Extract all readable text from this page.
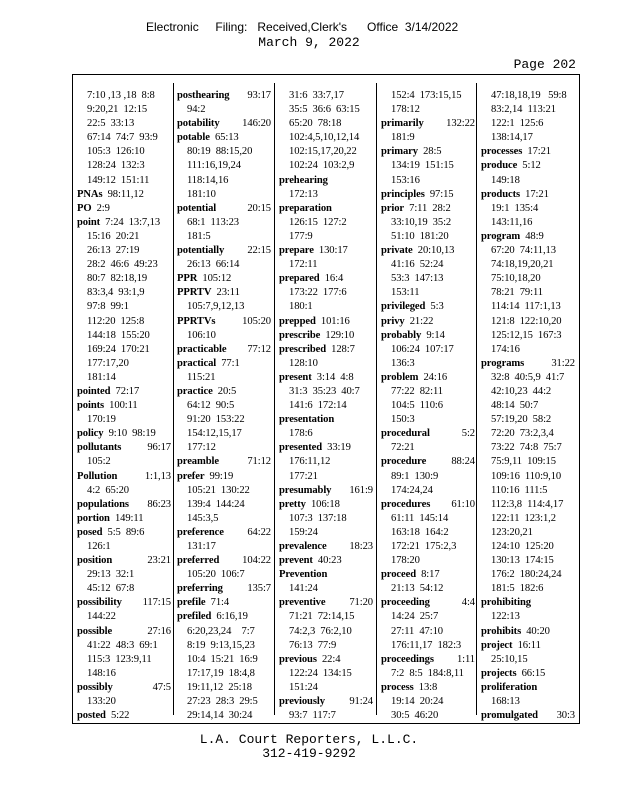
Electronic     Filing:   Received,Clerk's      Office  3/14/2022
March 9, 2022
Page 202
7:10 ,13 ,18  8:8
9:20,21  12:15
22:5  33:13
67:14  74:7  93:9
105:3  126:10
128:24  132:3
149:12  151:11
PNAs  98:11,12
PO  2:9
point  7:24  13:7,13
15:16  20:21
26:13  27:19
28:2  46:6  49:23
80:7  82:18,19
83:3,4  93:1,9
97:8  99:1
112:20  125:8
144:18  155:20
169:24  170:21
177:17,20
181:14
pointed  72:17
points  100:11
170:19
policy  9:10  98:19
pollutants 96:17
105:2
Pollution	1:1,13
4:2  65:20
populations 86:23
portion  149:11
posed  5:5  89:6
126:1
position	23:21
29:13  32:1
45:12  67:8
possibility 117:15
144:22
possible	27:16
41:22  48:3  69:1
115:3  123:9,11
148:16
possibly	47:5
133:20
posted  5:22
posthearing 93:17
94:2
potability 146:20
potable  65:13
80:19  88:15,20
111:16,19,24
118:14,16
181:10
potential	20:15
68:1  113:23
181:5
potentially 22:15
26:13  66:14
PPR  105:12
PPRTV  23:11
105:7,9,12,13
PPRTVs	105:20
106:10
practicable 77:12
practical  77:1
115:21
practice  20:5
64:12  90:5
91:20  153:22
154:12,15,17
177:12
preamble	71:12
prefer  99:19
105:21  130:22
139:4  144:24
145:3,5
preference 64:22
131:17
preferred 104:22
105:20  106:7
preferring 135:7
prefile  71:4
prefiled  6:16,19
6:20,23,24    7:7
8:19  9:13,15,23
10:4  15:21  16:9
17:17,19  18:4,8
19:11,12  25:18
27:23  28:3  29:5
29:14,14  30:24
31:6  33:7,17
35:5  36:6  63:15
65:20  78:18
102:4,5,10,12,14
102:15,17,20,22
102:24  103:2,9
prehearing
172:13
preparation
126:15  127:2
177:9
prepare  130:17
172:11
prepared  16:4
173:22  177:6
180:1
prepped  101:16
prescribe  129:10
prescribed  128:7
128:10
present  3:14  4:8
31:3  35:23  40:7
141:6  172:14
presentation
178:6
presented  33:19
176:11,12
177:21
presumably 161:9
pretty  106:18
107:3  137:18
159:24
prevalence 18:23
prevent  40:23
Prevention
141:24
preventive 71:20
71:21  72:14,15
74:2,3  76:2,10
76:13  77:9
previous  22:4
122:24  134:15
151:24
previously 91:24
93:7  117:7
152:4  173:15,15
178:12
primarily 132:22
181:9
primary  28:5
134:19  151:15
153:16
principles  97:15
prior  7:11  28:2
33:10,19  35:2
51:10  181:20
private  20:10,13
41:16  52:24
53:3  147:13
153:11
privileged  5:3
privy  21:22
probably  9:14
106:24  107:17
136:3
problem  24:16
77:22  82:11
104:5  110:6
150:3
procedural	5:2
72:21
procedure 88:24
89:1  130:9
174:24,24
procedures 61:10
61:11  145:14
163:18  164:2
172:21  175:2,3
178:20
proceed  8:17
21:13  54:12
proceeding	4:4
14:24  25:7
27:11  47:10
176:11,17  182:3
proceedings 1:11
7:2  8:5  184:8,11
process  13:8
19:14  20:24
30:5  46:20
47:18,18,19   59:8
83:2,14  113:21
122:1  125:6
138:14,17
processes  17:21
produce  5:12
149:18
products  17:21
19:1  135:4
143:11,16
program  48:9
67:20  74:11,13
74:18,19,20,21
75:10,18,20
78:21  79:11
114:14  117:1,13
121:8  122:10,20
125:12,15  167:3
174:16
programs	31:22
32:8  40:5,9  41:7
42:10,23  44:2
48:14  50:7
57:19,20  58:2
72:20  73:2,3,4
73:22  74:8  75:7
75:9,11  109:15
109:16  110:9,10
110:16  111:5
112:3,8  114:4,17
122:11  123:1,2
123:20,21
124:10  125:20
130:13  174:15
176:2  180:24,24
181:5  182:6
prohibiting
122:13
prohibits  40:20
project  16:11
25:10,15
projects  66:15
proliferation
168:13
promulgated 30:3
L.A. Court Reporters, L.L.C.
312-419-9292
